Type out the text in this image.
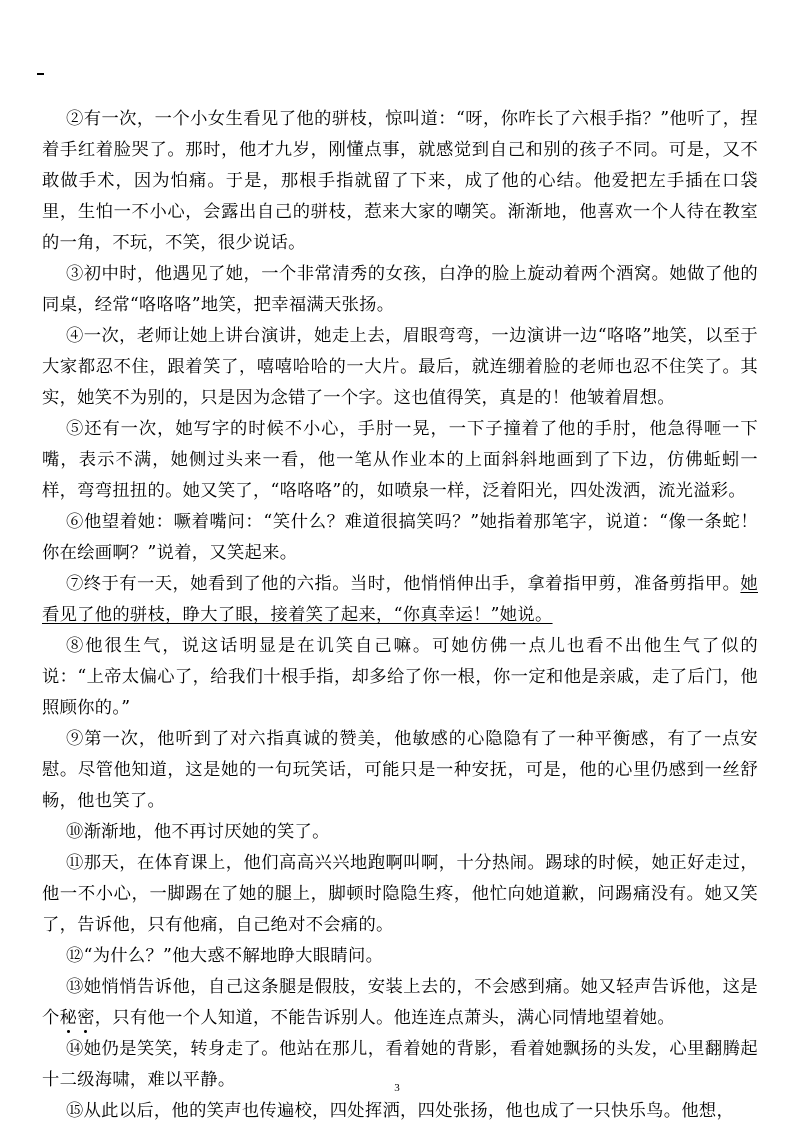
②有一次，一个小女生看见了他的骈枝，惊叫道：“呀，你咋长了六根手指？”他听了，捏着手红着脸哭了。那时，他才九岁，刚懂点事，就感觉到自己和别的孩子不同。可是，又不敢做手术，因为怕痛。于是，那根手指就留了下来，成了他的心结。他爱把左手插在口袋里，生怕一不小心，会露出自己的骈枝，惹来大家的嘲笑。渐渐地，他喜欢一个人待在教室的一角，不玩，不笑，很少说话。

③初中时，他遇见了她，一个非常清秀的女孩，白净的脸上旋动着两个酒窝。她做了他的同桌，经常“咯咯咯”地笑，把幸福满天张扬。

④一次，老师让她上讲台演讲，她走上去，眉眼弯弯，一边演讲一边“咯咯”地笑，以至于大家都忍不住，跟着笑了，嘻嘻哈哈的一大片。最后，就连绷着脸的老师也忍不住笑了。其实，她笑不为别的，只是因为念错了一个字。这也值得笑，真是的！他皱着眉想。

⑤还有一次，她写字的时候不小心，手肘一晃，一下子撞着了他的手肘，他急得咂一下嘴，表示不满，她侧过头来一看，他一笔从作业本的上面斜斜地画到了下边，仿佛蚯蚓一样，弯弯扭扭的。她又笑了，“咯咯咯”的，如喷泉一样，泛着阳光，四处泼洒，流光溢彩。

⑥他望着她：噘着嘴问：“笑什么？难道很搞笑吗？”她指着那笔字，说道：“像一条蛇！你在绘画啊？”说着，又笑起来。

⑦终于有一天，她看到了他的六指。当时，他悄悄伸出手，拿着指甲剪，准备剪指甲。她看见了他的骈枝，睁大了眼，接着笑了起来，“你真幸运！”她说。

⑧他很生气，说这话明显是在讥笑自己嘛。可她仿佛一点儿也看不出他生气了似的说：“上帝太偏心了，给我们十根手指，却多给了你一根，你一定和他是亲戚，走了后门，他照顾你的。”

⑨第一次，他听到了对六指真诚的赞美，他敏感的心隐隐有了一种平衡感，有了一点安慰。尽管他知道，这是她的一句玩笑话，可能只是一种安抚，可是，他的心里仍感到一丝舒畅，他也笑了。

⑩渐渐地，他不再讨厌她的笑了。

⑪那天，在体育课上，他们高高兴兴地跑啊叫啊，十分热闹。踢球的时候，她正好走过，他一不小心，一脚踢在了她的腿上，脚顿时隐隐生疼，他忙向她道歉，问踢痛没有。她又笑了，告诉他，只有他痛，自己绝对不会痛的。

⑫“为什么？”他大惑不解地睁大眼睛问。

⑬她悄悄告诉他，自己这条腿是假肢，安装上去的，不会感到痛。她又轻声告诉他，这是个秘密，只有他一个人知道，不能告诉别人。他连连点萧头，满心同情地望着她。

⑭她仍是笑笑，转身走了。他站在那儿，看着她的背影，看着她飘扬的头发，心里翻腾起十二级海啸，难以平静。

⑮从此以后，他的笑声也传遍校，四处挥洒，四处张扬，他也成了一只快乐鸟。他想，

3
